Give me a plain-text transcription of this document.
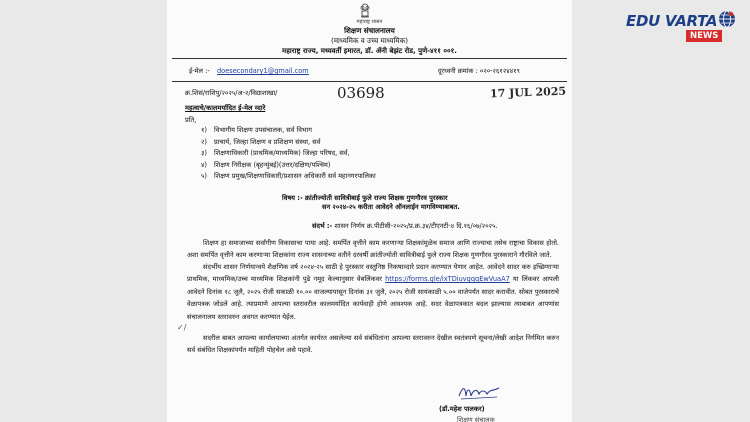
महाराष्ट्र शासन
शिक्षण संचालनालय
(माध्यमिक व उच्च माध्यमिक)
महाराष्ट्र राज्य, मध्यवर्ती इमारत, डॉ. ॲनी बेझंट रोड, पुणे-४११ ००१.
ई-मेल :- doesecondary1@gmail.com	दूरध्वनी क्रमांक : ०२०-२६१२४४१९
क्र.शिसं/राशिपु/२०२५/अ-२/विद्याशाखा/	03698	17 JUL 2025
महत्वाचे/कालमर्यादित ई-मेल व्दारे
प्रति,
१) विभागीय शिक्षण उपसंचालक, सर्व विभाग
२) प्राचार्य, जिल्हा शिक्षण व प्रशिक्षण संस्था, सर्व
३) शिक्षणाधिकारी (प्राथमिक/माध्यमिक) जिल्हा परिषद, सर्व,
४) शिक्षण निरीक्षक (बृहन्मुंबई)(उत्तर/दक्षिण/पश्चिम)
५) शिक्षण प्रमुख/शिक्षणाधिकारी/प्रशासन अधिकारी सर्व महानगरपालिका
विषय :- क्रांतीज्योती सावित्रीबाई फुले राज्य शिक्षक गुणगौरव पुरस्कार
सन २०२४-२५ करीता आवेदने ऑनलाईन मागविण्याबाबत.
संदर्भ :- शासन निर्णय क्र.पीटीसी-२०२५/प्र.क्र.३४/टीएनटी-४ दि.१६/०७/२०२५.
शिक्षण हा समाजाच्या सर्वांगीण विकासाचा पाया आहे. समर्पित वृत्तीने काम करणाऱ्या शिक्षकांमुळेच समाज आणि राज्याचा तसेच राष्ट्राचा विकास होतो. अशा समर्पित वृत्तीने काम करणाऱ्या शिक्षकांना राज्य शासनाच्या वतीने दरवर्षी क्रांतीज्योती सावित्रीबाई फुले राज्य शिक्षक गुणगौरव पुरस्काराने गौरविले जाते.
संदर्भीय शासन निर्णयान्वये शैक्षणिक वर्ष २०२४-२५ साठी हे पुरस्कार वस्तुनिष्ठ निकषाव्दारे प्रदान करण्यात येणार आहेत. आवेदने सादर करु इच्छिणाऱ्या प्राथमिक, माध्यमिक/उच्च माध्यमिक शिक्षकांनी पुढे नमूद केल्यानुसार वेबलिंकवर https://forms.gle/ixTDiuvgqqEwVuaA7 या लिंकवर आपली आवेदने दिनांक १८ जुलै, २०२५ रोजी सकाळी १०.०० वाजल्यापासून दिनांक ३१ जुलै, २०२५ रोजी सायंकाळी ५.०० वाजेपर्यंत सादर करावीत. सोबत पुरस्काराचे वेळापत्रक जोडले आहे. त्याप्रमाणे आपल्या स्तरावरील कालमर्यादित कार्यवाही होणे आवश्यक आहे. सदर वेळापत्रकात बदल झाल्यास त्याबाबत आपणांस संचालनालय स्तरावरुन अवगत करण्यात येईल.
✓/
सदरील बाबत आपल्या कार्यालयाच्या अंतर्गत कार्यरत असलेल्या सर्व संबंधितांना आपल्या स्तरावरुन देखील स्वतंत्रपणे सूचना/लेखी आदेश निर्गमित करुन सर्व संबंधित शिक्षकांपर्यंत माहिती पोहचेल असे पहावे.
(डॉ.महेश पालकर)
शिक्षण संचालक
EDU VARTA
NEWS
